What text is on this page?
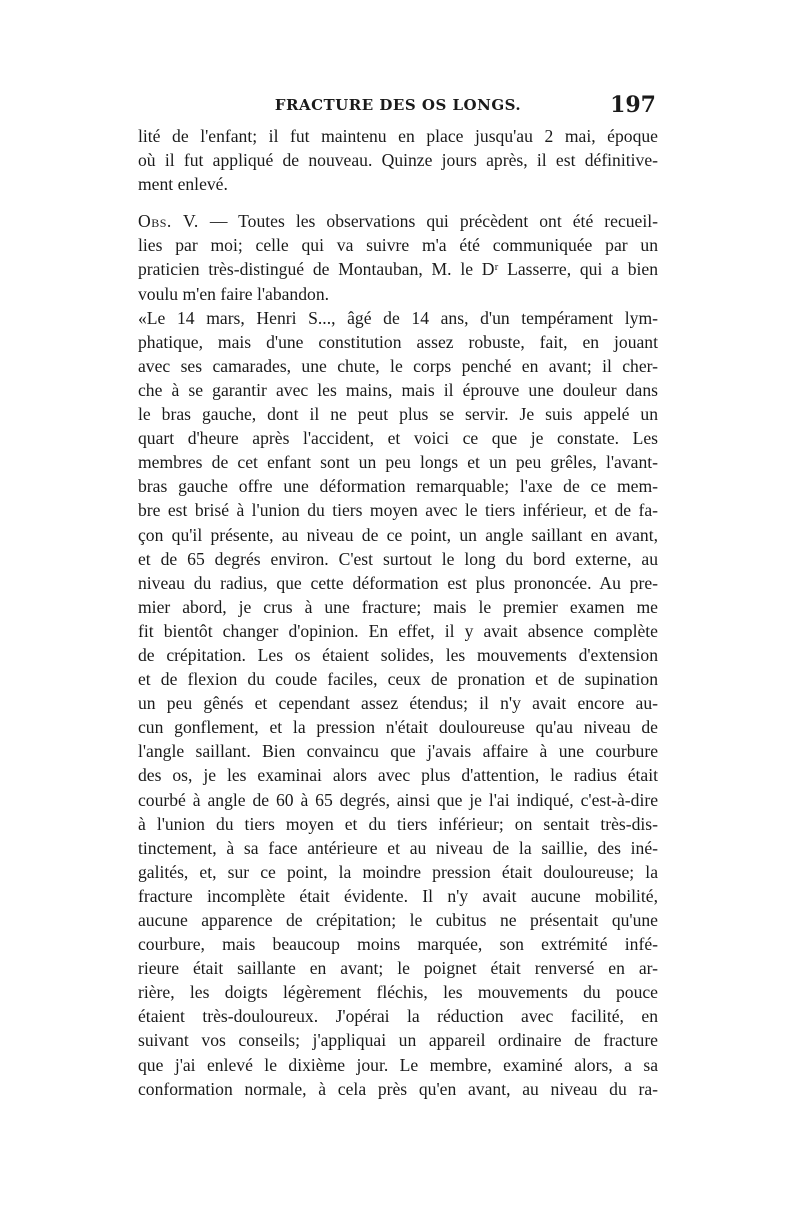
FRACTURE DES OS LONGS.	197
lité de l'enfant; il fut maintenu en place jusqu'au 2 mai, époque
où il fut appliqué de nouveau. Quinze jours après, il est définitive-
ment enlevé.
Obs. V. — Toutes les observations qui précèdent ont été recueil-
lies par moi; celle qui va suivre m'a été communiquée par un
praticien très-distingué de Montauban, M. le Dʳ Lasserre, qui a bien
voulu m'en faire l'abandon.
«Le 14 mars, Henri S..., âgé de 14 ans, d'un tempérament lym-
phatique, mais d'une constitution assez robuste, fait, en jouant
avec ses camarades, une chute, le corps penché en avant; il cher-
che à se garantir avec les mains, mais il éprouve une douleur dans
le bras gauche, dont il ne peut plus se servir. Je suis appelé un
quart d'heure après l'accident, et voici ce que je constate. Les
membres de cet enfant sont un peu longs et un peu grêles, l'avant-
bras gauche offre une déformation remarquable; l'axe de ce mem-
bre est brisé à l'union du tiers moyen avec le tiers inférieur, et de fa-
çon qu'il présente, au niveau de ce point, un angle saillant en avant,
et de 65 degrés environ. C'est surtout le long du bord externe, au
niveau du radius, que cette déformation est plus prononcée. Au pre-
mier abord, je crus à une fracture; mais le premier examen me
fit bientôt changer d'opinion. En effet, il y avait absence complète
de crépitation. Les os étaient solides, les mouvements d'extension
et de flexion du coude faciles, ceux de pronation et de supination
un peu gênés et cependant assez étendus; il n'y avait encore au-
cun gonflement, et la pression n'était douloureuse qu'au niveau de
l'angle saillant. Bien convaincu que j'avais affaire à une courbure
des os, je les examinai alors avec plus d'attention, le radius était
courbé à angle de 60 à 65 degrés, ainsi que je l'ai indiqué, c'est-à-dire
à l'union du tiers moyen et du tiers inférieur; on sentait très-dis-
tinctement, à sa face antérieure et au niveau de la saillie, des iné-
galités, et, sur ce point, la moindre pression était douloureuse; la
fracture incomplète était évidente. Il n'y avait aucune mobilité,
aucune apparence de crépitation; le cubitus ne présentait qu'une
courbure, mais beaucoup moins marquée, son extrémité infé-
rieure était saillante en avant; le poignet était renversé en ar-
rière, les doigts légèrement fléchis, les mouvements du pouce
étaient très-douloureux. J'opérai la réduction avec facilité, en
suivant vos conseils; j'appliquai un appareil ordinaire de fracture
que j'ai enlevé le dixième jour. Le membre, examiné alors, a sa
conformation normale, à cela près qu'en avant, au niveau du ra-
